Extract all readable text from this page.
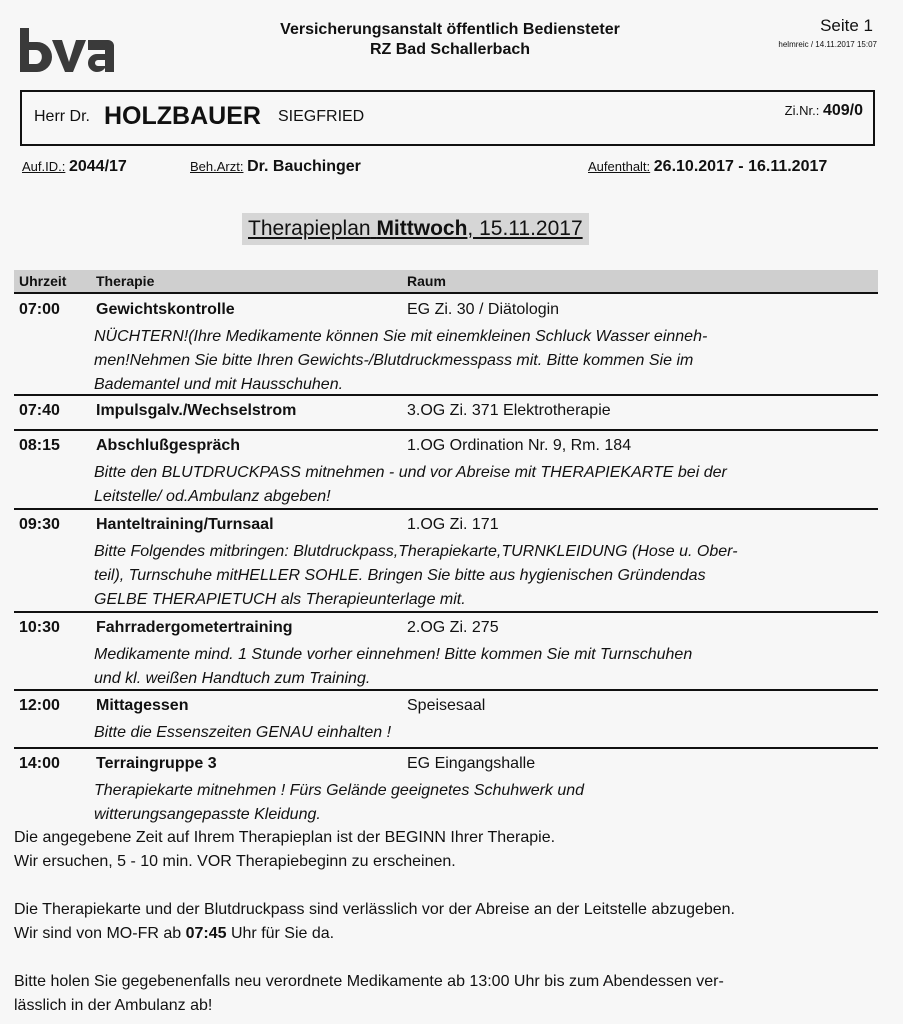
Versicherungsanstalt öffentlich Bediensteter
RZ Bad Schallerbach
Seite 1
helmreic / 14.11.2017 15:07
Herr Dr. HOLZBAUER SIEGFRIED	Zi.Nr.: 409/0
Auf.ID.: 2044/17	Beh.Arzt: Dr. Bauchinger	Aufenthalt: 26.10.2017 - 16.11.2017
Therapieplan Mittwoch, 15.11.2017
Uhrzeit Therapie	Raum
07:00 Gewichtskontrolle	EG Zi. 30 / Diätologin
NÜCHTERN!(Ihre Medikamente können Sie mit einemkleinen Schluck Wasser einneh-
men!Nehmen Sie bitte Ihren Gewichts-/Blutdruckmesspass mit. Bitte kommen Sie im
Bademantel und mit Hausschuhen.
07:40 Impulsgalv./Wechselstrom	3.OG Zi. 371 Elektrotherapie
08:15 Abschlußgespräch	1.OG Ordination Nr. 9, Rm. 184
Bitte den BLUTDRUCKPASS mitnehmen - und vor Abreise mit THERAPIEKARTE bei der
Leitstelle/ od.Ambulanz abgeben!
09:30 Hanteltraining/Turnsaal	1.OG Zi. 171
Bitte Folgendes mitbringen: Blutdruckpass,Therapiekarte,TURNKLEIDUNG (Hose u. Ober-
teil), Turnschuhe mitHELLER SOHLE. Bringen Sie bitte aus hygienischen Gründendas
GELBE THERAPIETUCH als Therapieunterlage mit.
10:30 Fahrradergometertraining	2.OG Zi. 275
Medikamente mind. 1 Stunde vorher einnehmen! Bitte kommen Sie mit Turnschuhen
und kl. weißen Handtuch zum Training.
12:00 Mittagessen	Speisesaal
Bitte die Essenszeiten GENAU einhalten !
14:00 Terraingruppe 3	EG Eingangshalle
Therapiekarte mitnehmen ! Fürs Gelände geeignetes Schuhwerk und
witterungsangepasste Kleidung.

Die angegebene Zeit auf Ihrem Therapieplan ist der BEGINN Ihrer Therapie.

Wir ersuchen, 5 - 10 min. VOR Therapiebeginn zu erscheinen.

Die Therapiekarte und der Blutdruckpass sind verlässlich vor der Abreise an der Leitstelle abzugeben.

Wir sind von MO-FR ab 07:45 Uhr für Sie da.

Bitte holen Sie gegebenenfalls neu verordnete Medikamente ab 13:00 Uhr bis zum Abendessen ver-

lässlich in der Ambulanz ab!
